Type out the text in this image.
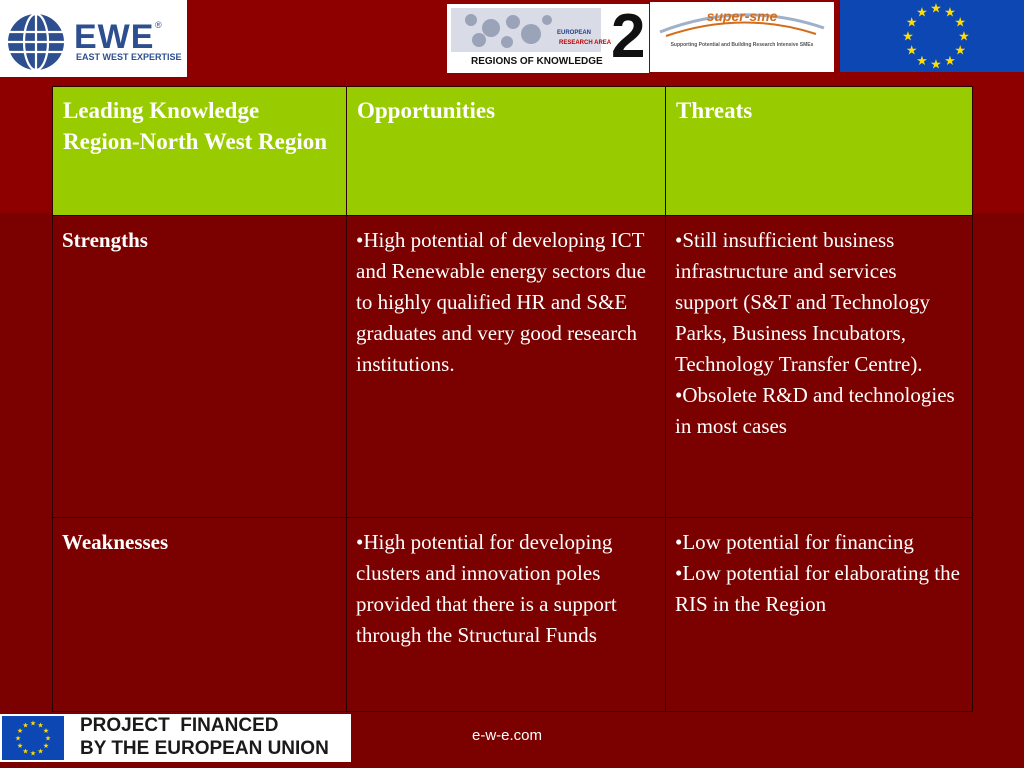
EWE ®
EAST WEST EXPERTISE
EUROPEAN
RESEARCH AREA
REGIONS OF KNOWLEDGE 2	super-sme
Supporting Potential and Building Research Intensive SMEs
★ ★
★
★
★
★
★
★
★
★
★
★
Leading Knowledge Region-North West Region	Opportunities	Threats
Strengths	•High potential of developing ICT and Renewable energy sectors due to highly qualified HR and S&E graduates and very good research institutions.	•Still insufficient business infrastructure and services support (S&T and Technology Parks, Business Incubators, Technology Transfer Centre).
•Obsolete R&D and technologies in most cases

Weaknesses	•High potential for developing clusters and innovation poles provided that there is a support through the Structural Funds	•Low potential for financing
•Low potential for elaborating the RIS in the Region
★ ★
★
★
★
★
★
★
★
★
★
★	PROJECT  FINANCED
BY THE EUROPEAN UNION
e-w-e.com
